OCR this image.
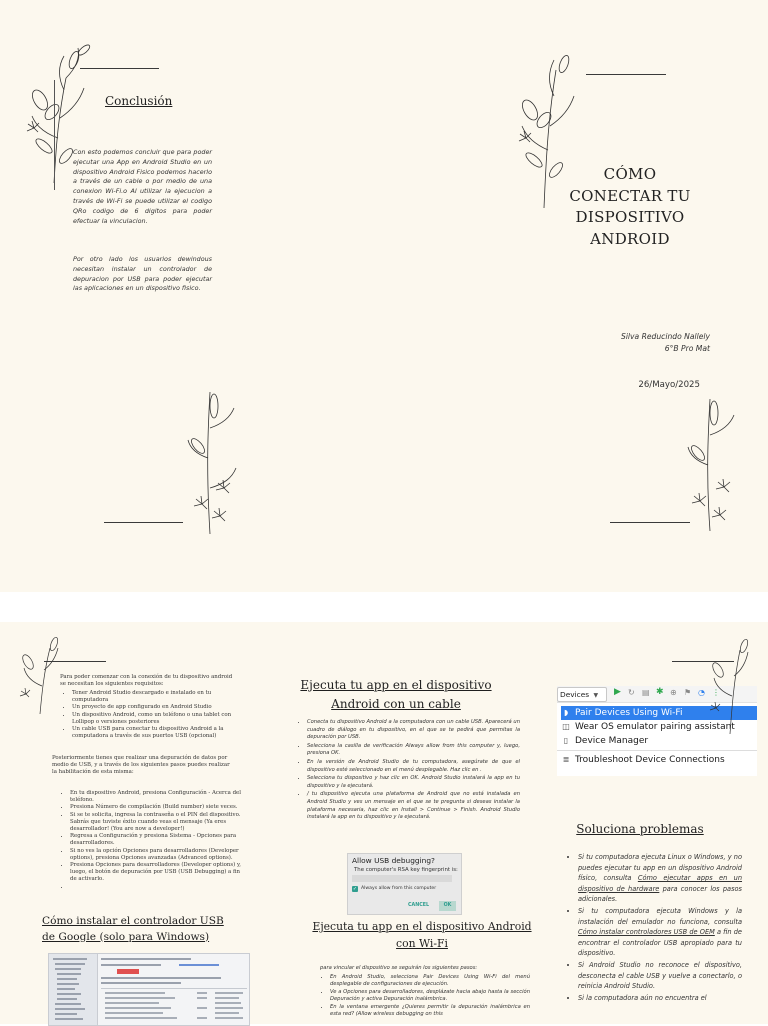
Conclusión
Con esto podemos concluir que para poder ejecutar una App en Android Studio en un dispositivo Android Fisico podemos hacerlo a través de un cable o por medio de una conexion Wi-Fi.o Al utilizar la ejecucion a través de Wi-Fi se puede utilizar el codigo QRo codigo de 6 digitos para poder efectuar la vinculacion.
Por otro lado los usuarios dewindous necesitan instalar un controlador de depuracion por USB para poder ejecutar las aplicaciones en un dispositivo fisico.
CÓMO
CONECTAR TU
DISPOSITIVO
ANDROID
Silva Reducindo Nallely
6°B Pro Mat
26/Mayo/2025
Para poder comenzar con la conexión de tu dispositivo android se necesitan los siguientes requisitos:
• Tener Android Studio descargado e instalado en tu computadora
• Un proyecto de app configurado en Android Studio
• Un dispositivo Android, como un teléfono o una tablet con Lollipop o versiones posteriores
• Un cable USB para conectar tu dispositivo Android a la computadora a través de sus puertos USB (opcional)
Posteriormente tienes que realizar una depuración de datos por medio de USB, y a través de los siguientes pasos puedes realizar la habilitación de esta misma:
• En tu dispositivo Android, presiona Configuración - Acerca del teléfono.
• Presiona Número de compilación (Build number) siete veces.
• Si se te solicita, ingresa la contraseña o el PIN del dispositivo. Sabrás que tuviste éxito cuando veas el mensaje (Ya eres desarrollador! (You are now a developer!)
• Regresa a Configuración y presiona Sistema - Opciones para desarrolladores.
• Si no ves la opción Opciones para desarrolladores (Developer options), presiona Opciones avanzadas (Advanced options).
• Presiona Opciones para desarrolladores (Developer options) y, luego, el botón de depuración por USB (USB Debugging) a fin de activarlo.
•
Cómo instalar el controlador USB de Google (solo para Windows)
Ejecuta tu app en el dispositivo Android con un cable
• Conecta tu dispositivo Android a la computadora con un cable USB. Aparecerá un cuadro de diálogo en tu dispositivo, en el que se te pedirá que permitas la depuración por USB.
• Selecciona la casilla de verificación Always allow from this computer y, luego, presiona OK.
• En la versión de Android Studio de tu computadora, asegúrate de que el dispositivo esté seleccionado en el menú desplegable. Haz clic en .
• Selecciona tu dispositivo y haz clic en OK. Android Studio instalará la app en tu dispositivo y la ejecutará.
• / tu dispositivo ejecuta una plataforma de Android que no está instalada en Android Studio y ves un mensaje en el que se te pregunta si deseas instalar la plataforma necesaria, haz clic en Install > Continue > Finish. Android Studio instalará la app en tu dispositivo y la ejecutará.
Allow USB debugging?
The computer's RSA key fingerprint is:
✓ Always allow from this computer
CANCEL	OK
Ejecuta tu app en el dispositivo Android con Wi-Fi
para vincular el dispositivo se seguirán los siguientes pasos:
• En Android Studio, selecciona Pair Devices Using Wi-Fi del menú desplegable de configuraciones de ejecución.
• Ve a Opciones para desarrolladores, desplázate hacia abajo hasta la sección Depuración y activa Depuración inalámbrica.
• En la ventana emergente ¿Quieres permitir la depuración inalámbrica en esta red? (Allow wireless debugging on this
Devices ▼	▶ ↻ ▤ ✱ ⊕ ⚑ ◔ ⋮
◗ Pair Devices Using Wi-Fi
◫ Wear OS emulator pairing assistant
▯ Device Manager
≣ Troubleshoot Device Connections
Soluciona problemas
• Si tu computadora ejecuta Linux o Windows, y no puedes ejecutar tu app en un dispositivo Android físico, consulta Cómo ejecutar apps en un dispositivo de hardware para conocer los pasos adicionales.
• Si tu computadora ejecuta Windows y la instalación del emulador no funciona, consulta Cómo instalar controladores USB de OEM a fin de encontrar el controlador USB apropiado para tu dispositivo.
• Si Android Studio no reconoce el dispositivo, desconecta el cable USB y vuelve a conectarlo, o reinicia Android Studio.
• Si la computadora aún no encuentra el
